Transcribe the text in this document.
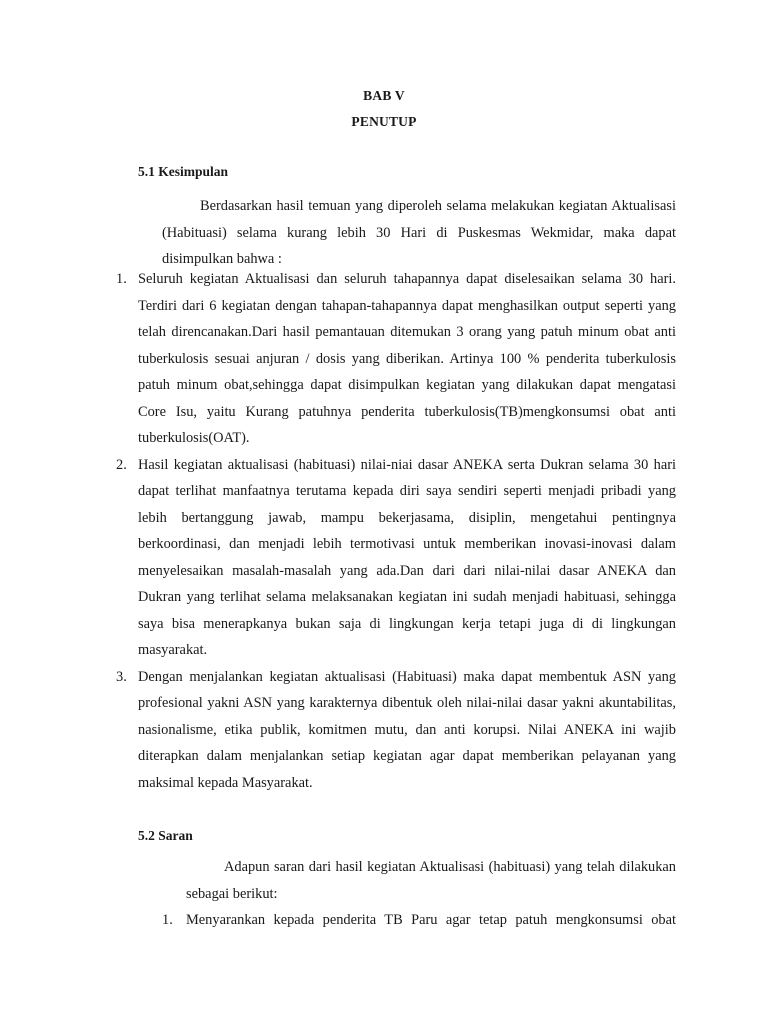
BAB V
PENUTUP
5.1 Kesimpulan

Berdasarkan hasil temuan yang diperoleh selama melakukan kegiatan Aktualisasi (Habituasi) selama kurang lebih 30 Hari di Puskesmas Wekmidar, maka dapat disimpulkan bahwa :

1. Seluruh kegiatan Aktualisasi dan seluruh tahapannya dapat diselesaikan selama 30 hari. Terdiri dari 6 kegiatan dengan tahapan-tahapannya dapat menghasilkan output seperti yang telah direncanakan.Dari hasil pemantauan ditemukan 3 orang yang patuh minum obat anti tuberkulosis sesuai anjuran / dosis yang diberikan. Artinya 100 % penderita tuberkulosis patuh minum obat,sehingga dapat disimpulkan kegiatan yang dilakukan dapat mengatasi Core Isu, yaitu Kurang patuhnya penderita tuberkulosis(TB)mengkonsumsi obat anti tuberkulosis(OAT).
2. Hasil kegiatan aktualisasi (habituasi) nilai-niai dasar ANEKA serta Dukran selama 30 hari dapat terlihat manfaatnya terutama kepada diri saya sendiri seperti menjadi pribadi yang lebih bertanggung jawab, mampu bekerjasama, disiplin, mengetahui pentingnya berkoordinasi, dan menjadi lebih termotivasi untuk memberikan inovasi-inovasi dalam menyelesaikan masalah-masalah yang ada.Dan dari dari nilai-nilai dasar ANEKA dan Dukran yang terlihat selama melaksanakan kegiatan ini sudah menjadi habituasi, sehingga saya bisa menerapkanya bukan saja di lingkungan kerja tetapi juga di di lingkungan masyarakat.
3. Dengan menjalankan kegiatan aktualisasi (Habituasi) maka dapat membentuk ASN yang profesional yakni ASN yang karakternya dibentuk oleh nilai-nilai dasar yakni akuntabilitas, nasionalisme, etika publik, komitmen mutu, dan anti korupsi. Nilai ANEKA ini wajib diterapkan dalam menjalankan setiap kegiatan agar dapat memberikan pelayanan yang maksimal kepada Masyarakat.
5.2 Saran

Adapun saran dari hasil kegiatan Aktualisasi (habituasi) yang telah dilakukan sebagai berikut:

1. Menyarankan kepada penderita TB Paru agar tetap patuh mengkonsumsi obat
